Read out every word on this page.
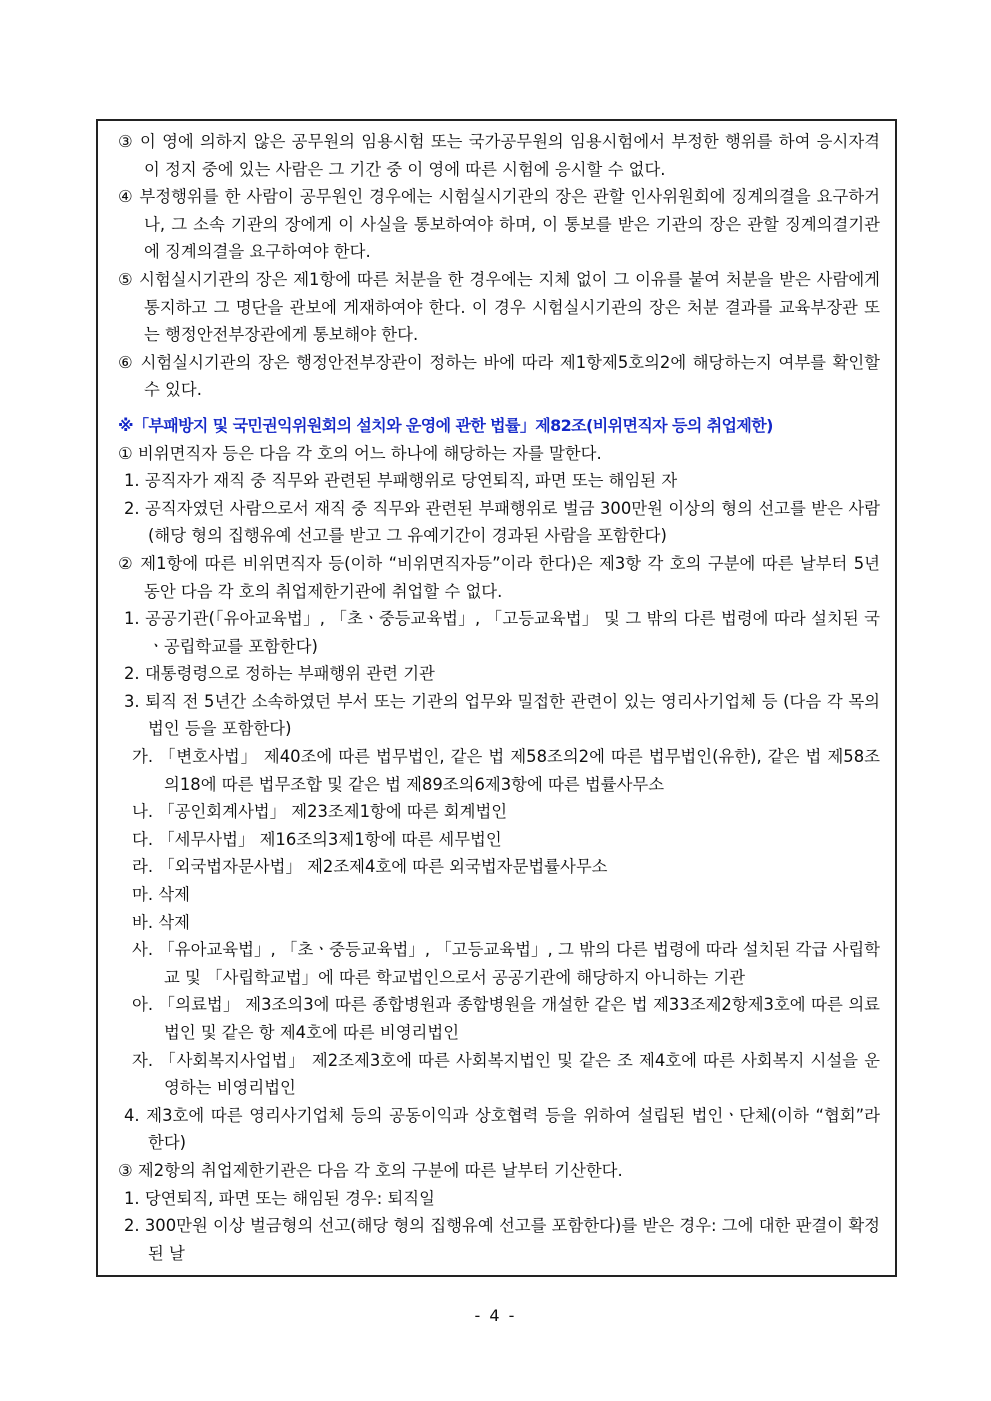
③ 이 영에 의하지 않은 공무원의 임용시험 또는 국가공무원의 임용시험에서 부정한 행위를 하여 응시자격이 정지 중에 있는 사람은 그 기간 중 이 영에 따른 시험에 응시할 수 없다.
④ 부정행위를 한 사람이 공무원인 경우에는 시험실시기관의 장은 관할 인사위원회에 징계의결을 요구하거나, 그 소속 기관의 장에게 이 사실을 통보하여야 하며, 이 통보를 받은 기관의 장은 관할 징계의결기관에 징계의결을 요구하여야 한다.
⑤ 시험실시기관의 장은 제1항에 따른 처분을 한 경우에는 지체 없이 그 이유를 붙여 처분을 받은 사람에게 통지하고 그 명단을 관보에 게재하여야 한다. 이 경우 시험실시기관의 장은 처분 결과를 교육부장관 또는 행정안전부장관에게 통보해야 한다.
⑥ 시험실시기관의 장은 행정안전부장관이 정하는 바에 따라 제1항제5호의2에 해당하는지 여부를 확인할 수 있다.
※「부패방지 및 국민권익위원회의 설치와 운영에 관한 법률」제82조(비위면직자 등의 취업제한)
① 비위면직자 등은 다음 각 호의 어느 하나에 해당하는 자를 말한다.
1. 공직자가 재직 중 직무와 관련된 부패행위로 당연퇴직, 파면 또는 해임된 자
2. 공직자였던 사람으로서 재직 중 직무와 관련된 부패행위로 벌금 300만원 이상의 형의 선고를 받은 사람(해당 형의 집행유예 선고를 받고 그 유예기간이 경과된 사람을 포함한다)
② 제1항에 따른 비위면직자 등(이하 “비위면직자등”이라 한다)은 제3항 각 호의 구분에 따른 날부터 5년 동안 다음 각 호의 취업제한기관에 취업할 수 없다.
1. 공공기관(「유아교육법」, 「초ㆍ중등교육법」, 「고등교육법」 및 그 밖의 다른 법령에 따라 설치된 국ㆍ공립학교를 포함한다)
2. 대통령령으로 정하는 부패행위 관련 기관
3. 퇴직 전 5년간 소속하였던 부서 또는 기관의 업무와 밀접한 관련이 있는 영리사기업체 등 (다음 각 목의 법인 등을 포함한다)
가. 「변호사법」 제40조에 따른 법무법인, 같은 법 제58조의2에 따른 법무법인(유한), 같은 법 제58조의18에 따른 법무조합 및 같은 법 제89조의6제3항에 따른 법률사무소
나. 「공인회계사법」 제23조제1항에 따른 회계법인
다. 「세무사법」 제16조의3제1항에 따른 세무법인
라. 「외국법자문사법」 제2조제4호에 따른 외국법자문법률사무소
마. 삭제
바. 삭제
사. 「유아교육법」, 「초ㆍ중등교육법」, 「고등교육법」, 그 밖의 다른 법령에 따라 설치된 각급 사립학교 및 「사립학교법」에 따른 학교법인으로서 공공기관에 해당하지 아니하는 기관
아. 「의료법」 제3조의3에 따른 종합병원과 종합병원을 개설한 같은 법 제33조제2항제3호에 따른 의료법인 및 같은 항 제4호에 따른 비영리법인
자. 「사회복지사업법」 제2조제3호에 따른 사회복지법인 및 같은 조 제4호에 따른 사회복지 시설을 운영하는 비영리법인
4. 제3호에 따른 영리사기업체 등의 공동이익과 상호협력 등을 위하여 설립된 법인ㆍ단체(이하 “협회”라 한다)
③ 제2항의 취업제한기관은 다음 각 호의 구분에 따른 날부터 기산한다.
1. 당연퇴직, 파면 또는 해임된 경우: 퇴직일
2. 300만원 이상 벌금형의 선고(해당 형의 집행유예 선고를 포함한다)를 받은 경우: 그에 대한 판결이 확정된 날
- 4 -
